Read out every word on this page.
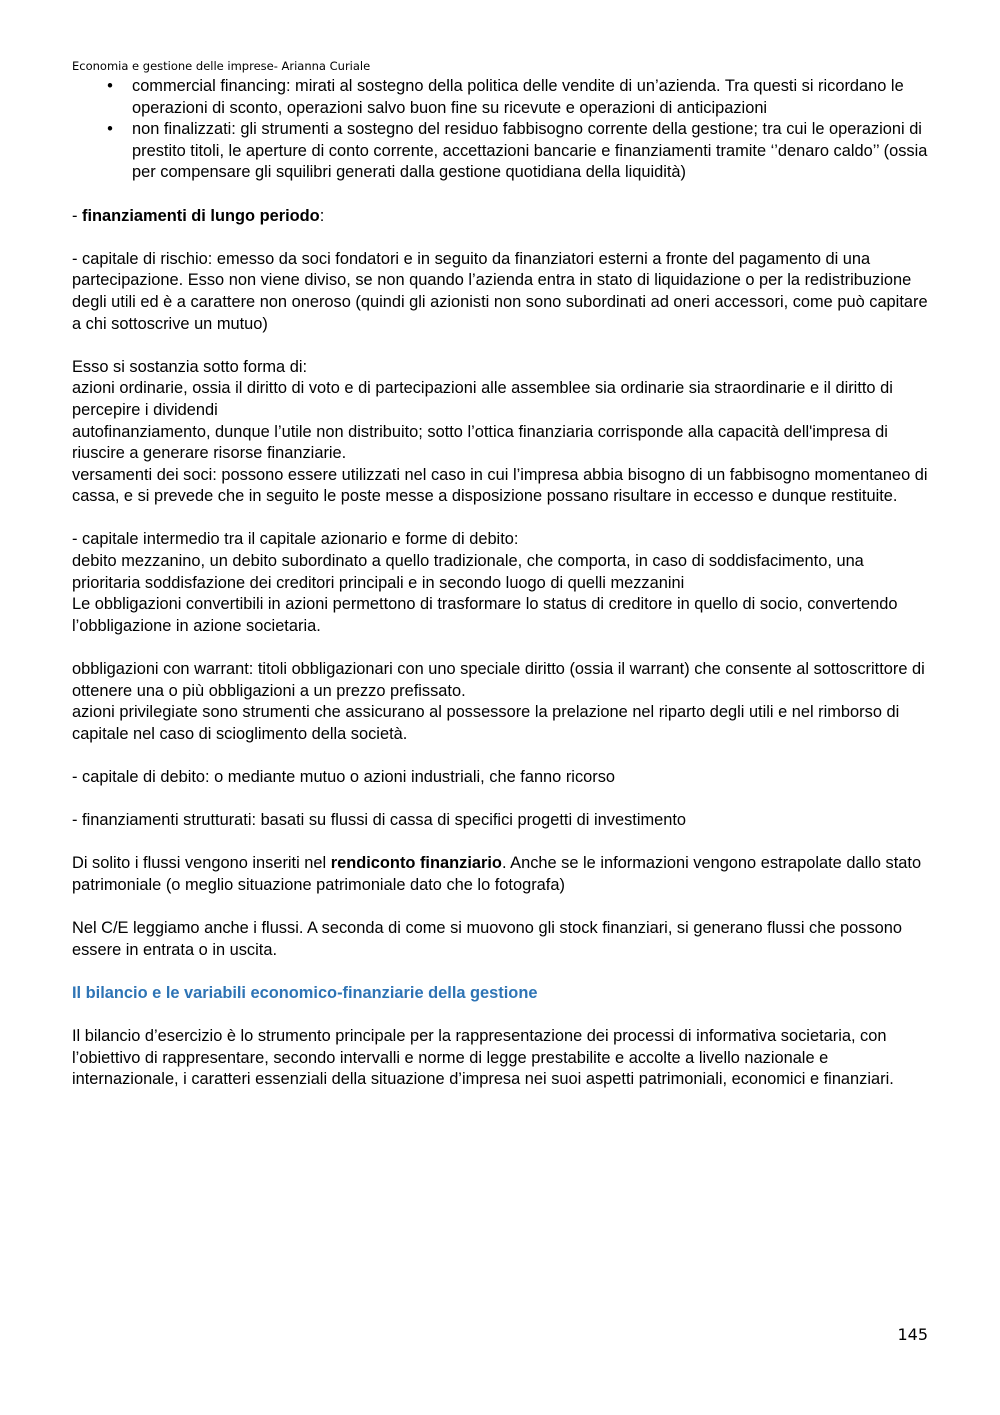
Economia e gestione delle imprese- Arianna Curiale
•	commercial financing: mirati al sostegno della politica delle vendite di un’azienda. Tra questi si ricordano le operazioni di sconto, operazioni salvo buon fine su ricevute e operazioni di anticipazioni
•	non finalizzati: gli strumenti a sostegno del residuo fabbisogno corrente della gestione; tra cui le operazioni di prestito titoli, le aperture di conto corrente, accettazioni bancarie e finanziamenti tramite ‘’denaro caldo’’ (ossia per compensare gli squilibri generati dalla gestione quotidiana della liquidità)

- finanziamenti di lungo periodo:

- capitale di rischio: emesso da soci fondatori e in seguito da finanziatori esterni a fronte del pagamento di una partecipazione. Esso non viene diviso, se non quando l’azienda entra in stato di liquidazione o per la redistribuzione degli utili ed è a carattere non oneroso (quindi gli azionisti non sono subordinati ad oneri accessori, come può capitare a chi sottoscrive un mutuo)

Esso si sostanzia sotto forma di:

azioni ordinarie, ossia il diritto di voto e di partecipazioni alle assemblee sia ordinarie sia straordinarie e il diritto di percepire i dividendi

autofinanziamento, dunque l’utile non distribuito; sotto l’ottica finanziaria corrisponde alla capacità dell'impresa di riuscire a generare risorse finanziarie.

versamenti dei soci: possono essere utilizzati nel caso in cui l’impresa abbia bisogno di un fabbisogno momentaneo di cassa, e si prevede che in seguito le poste messe a disposizione possano risultare in eccesso e dunque restituite.

- capitale intermedio tra il capitale azionario e forme di debito:

debito mezzanino, un debito subordinato a quello tradizionale, che comporta, in caso di soddisfacimento, una prioritaria soddisfazione dei creditori principali e in secondo luogo di quelli mezzanini

Le obbligazioni convertibili in azioni permettono di trasformare lo status di creditore in quello di socio, convertendo l’obbligazione in azione societaria.

obbligazioni con warrant: titoli obbligazionari con uno speciale diritto (ossia il warrant) che consente al sottoscrittore di ottenere una o più obbligazioni a un prezzo prefissato.

azioni privilegiate sono strumenti che assicurano al possessore la prelazione nel riparto degli utili e nel rimborso di capitale nel caso di scioglimento della società.

- capitale di debito: o mediante mutuo o azioni industriali, che fanno ricorso

- finanziamenti strutturati: basati su flussi di cassa di specifici progetti di investimento

Di solito i flussi vengono inseriti nel rendiconto finanziario. Anche se le informazioni vengono estrapolate dallo stato patrimoniale (o meglio situazione patrimoniale dato che lo fotografa)

Nel C/E leggiamo anche i flussi. A seconda di come si muovono gli stock finanziari, si generano flussi che possono essere in entrata o in uscita.

Il bilancio e le variabili economico-finanziarie della gestione

Il bilancio d’esercizio è lo strumento principale per la rappresentazione dei processi di informativa societaria, con l’obiettivo di rappresentare, secondo intervalli e norme di legge prestabilite e accolte a livello nazionale e internazionale, i caratteri essenziali della situazione d’impresa nei suoi aspetti patrimoniali, economici e finanziari.

145
